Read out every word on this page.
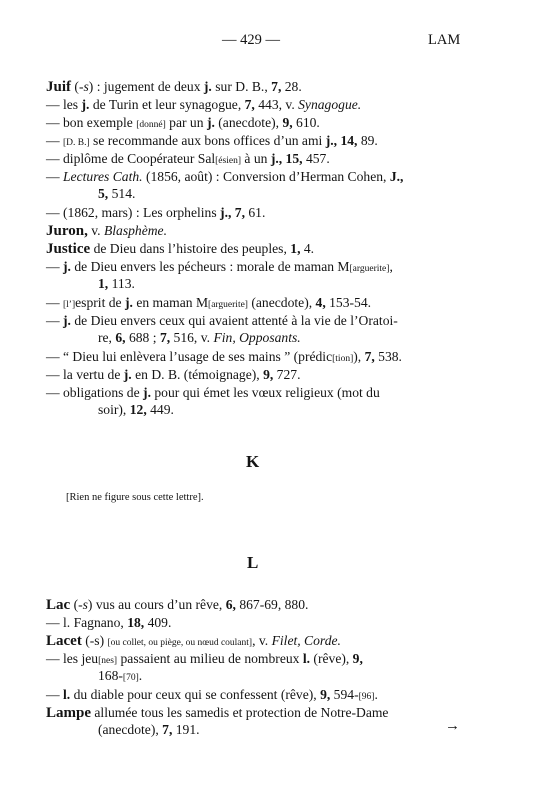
— 429 —	LAM
Juif (-s) : jugement de deux j. sur D. B., 7, 28.
— les j. de Turin et leur synagogue, 7, 443, v. Synagogue.
— bon exemple [donné] par un j. (anecdote), 9, 610.
— [D. B.] se recommande aux bons offices d’un ami j., 14, 89.
— diplôme de Coopérateur Sal[ésien] à un j., 15, 457.
— Lectures Cath. (1856, août) : Conversion d’Herman Cohen, J.,
5, 514.
— (1862, mars) : Les orphelins j., 7, 61.
Juron, v. Blasphème.
Justice de Dieu dans l’histoire des peuples, 1, 4.
— j. de Dieu envers les pécheurs : morale de maman M[arguerite],
1, 113.
— [l’]esprit de j. en maman M[arguerite] (anecdote), 4, 153-54.
— j. de Dieu envers ceux qui avaient attenté à la vie de l’Oratoi-
re, 6, 688 ; 7, 516, v. Fin, Opposants.
— “ Dieu lui enlèvera l’usage de ses mains ” (prédic[tion]), 7, 538.
— la vertu de j. en D. B. (témoignage), 9, 727.
— obligations de j. pour qui émet les vœux religieux (mot du
soir), 12, 449.
K
[Rien ne figure sous cette lettre].
L
Lac (-s) vus au cours d’un rêve, 6, 867-69, 880.
— l. Fagnano, 18, 409.
Lacet (-s) [ou collet, ou piège, ou nœud coulant], v. Filet, Corde.
— les jeu[nes] passaient au milieu de nombreux l. (rêve), 9,
168-[70].
— l. du diable pour ceux qui se confessent (rêve), 9, 594-[96].
Lampe allumée tous les samedis et protection de Notre-Dame
(anecdote), 7, 191.	→
